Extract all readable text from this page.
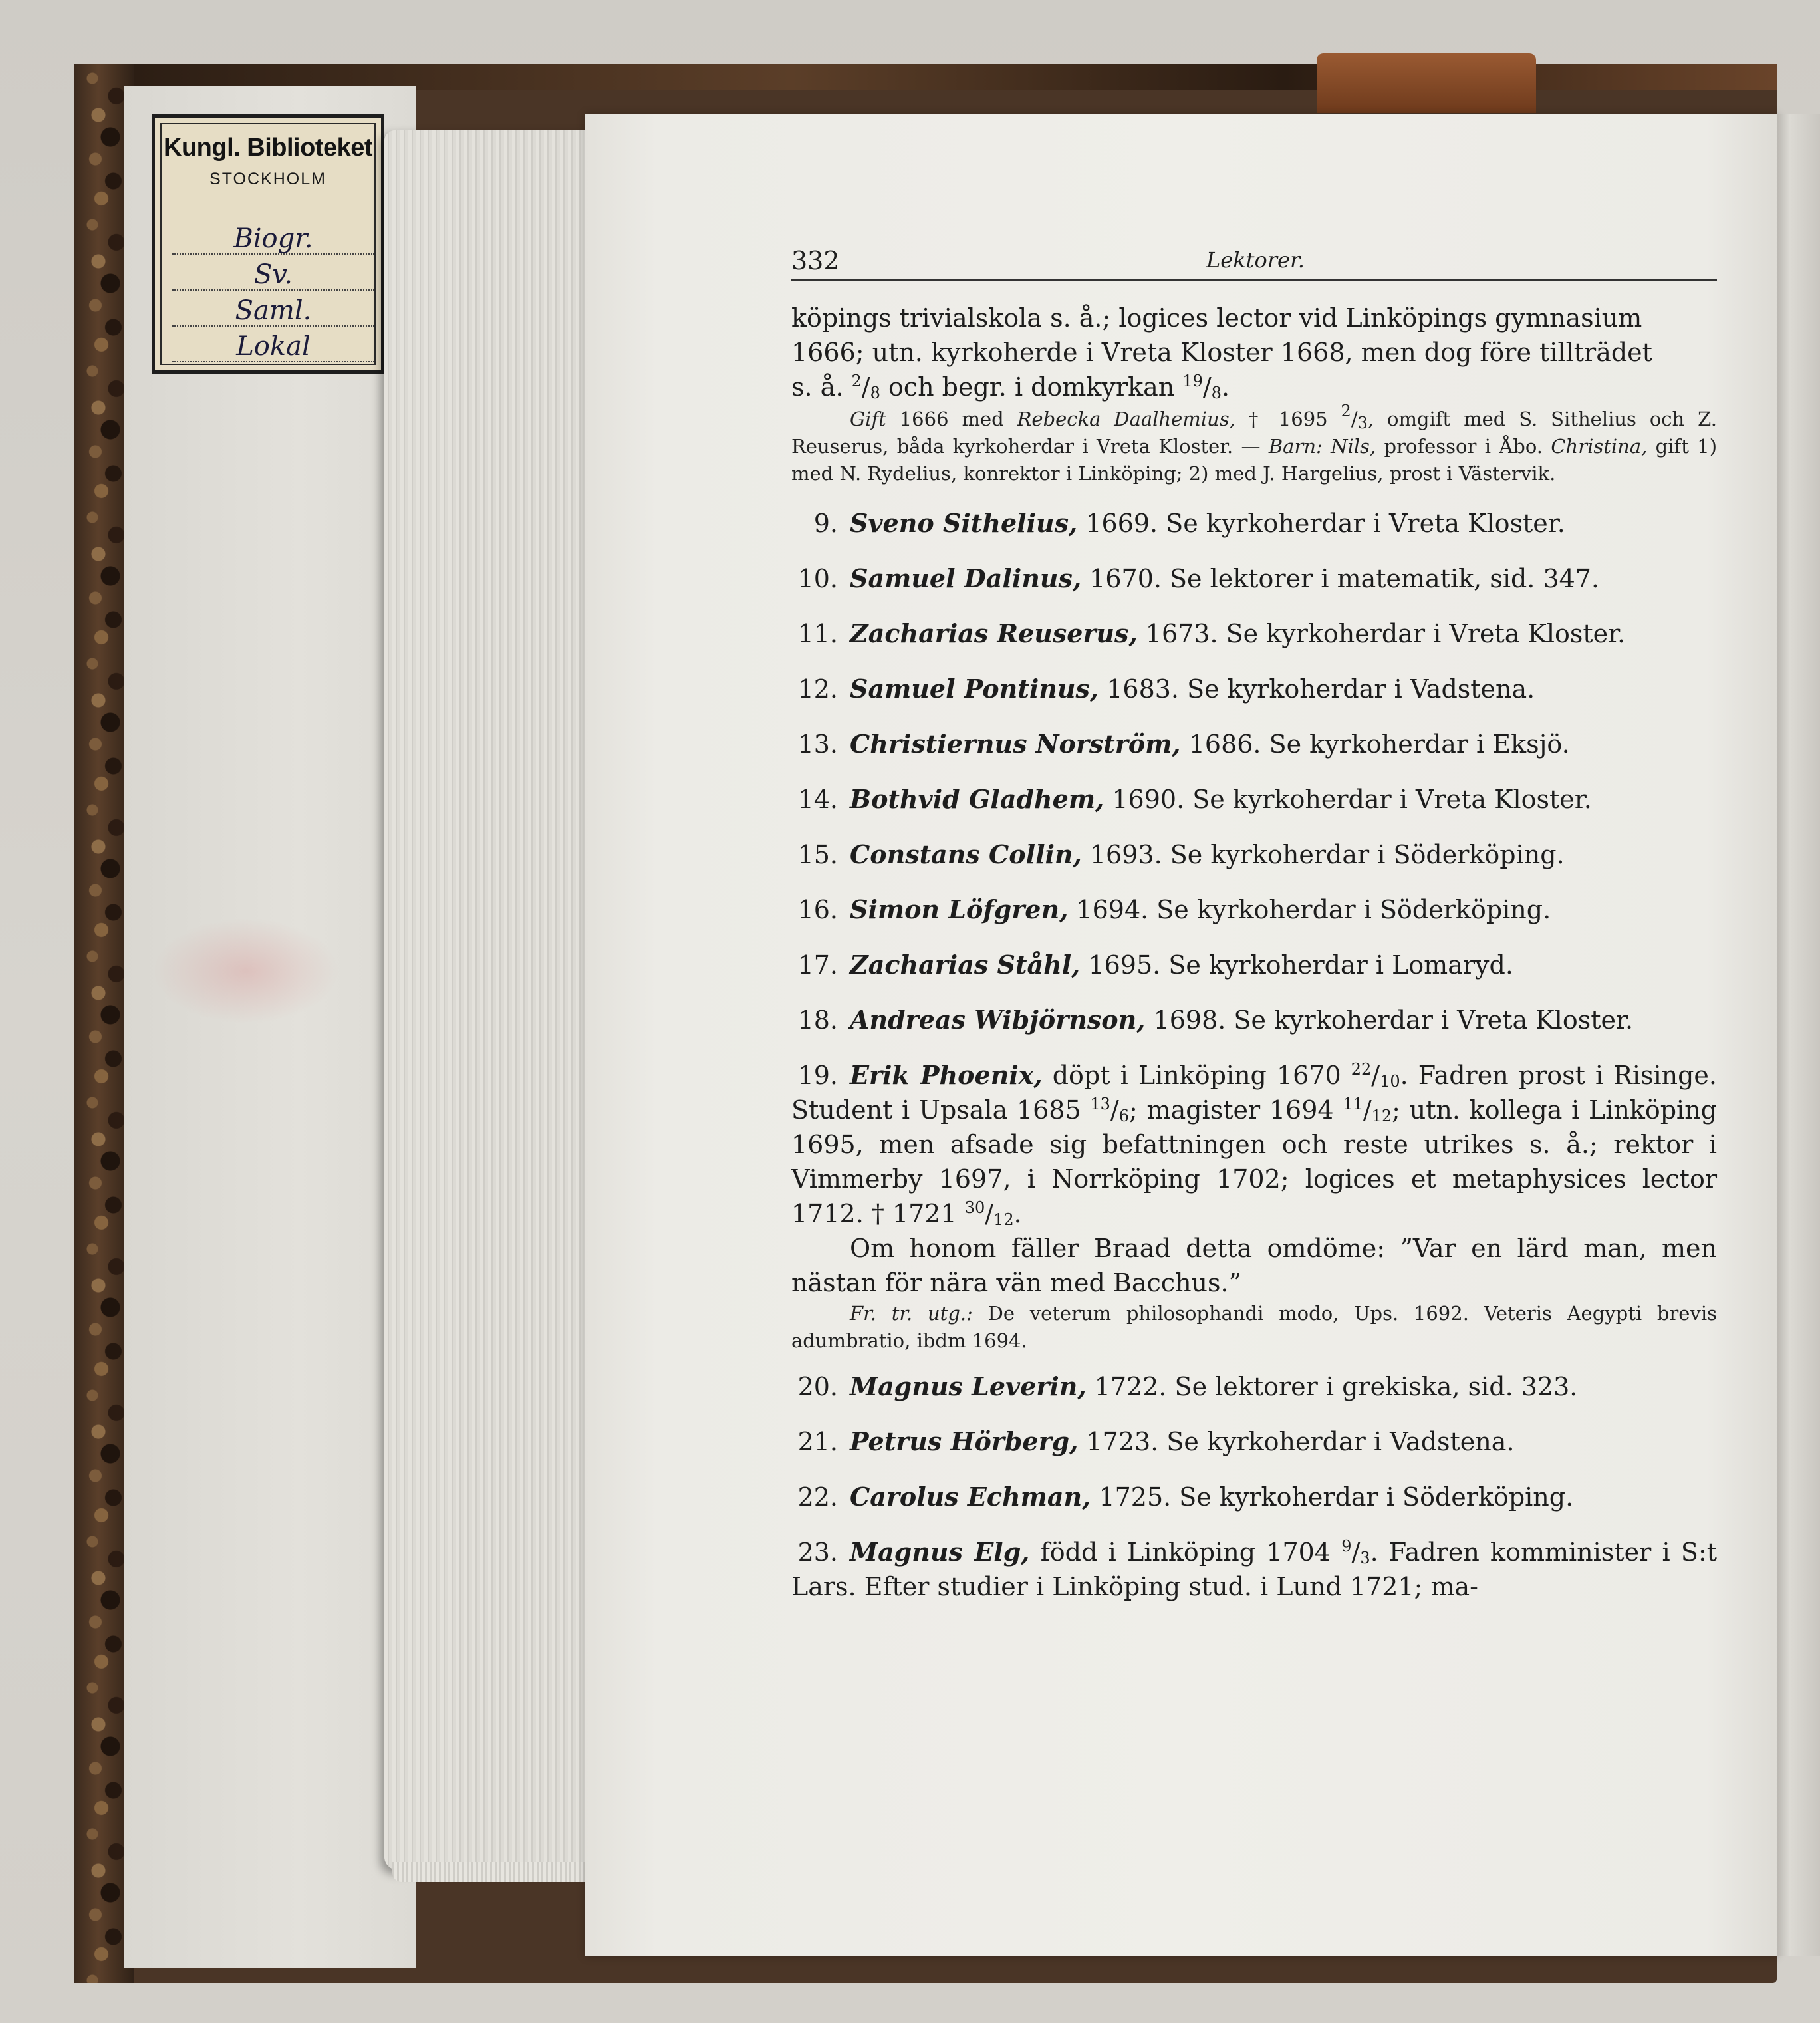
Kungl. Biblioteket
STOCKHOLM
Biogr.
Sv.
Saml.
Lokal
332	Lektorer.

köpings trivialskola s. å.; logices lector vid Linköpings gymnasium

1666; utn. kyrkoherde i Vreta Kloster 1668, men dog före tillträdet

s. å. $^2/_8$ och begr. i domkyrkan $^{19}/_8$.

Gift 1666 med Rebecka Daalhemius, † 1695 $^2/_3$, omgift med S. Sithelius och Z. Reuserus, båda kyrkoherdar i Vreta Kloster. — Barn: Nils, professor i Åbo. Christina, gift 1) med N. Rydelius, konrektor i Linköping; 2) med J. Hargelius, prost i Västervik.

9. Sveno Sithelius, 1669. Se kyrkoherdar i Vreta Kloster.

10. Samuel Dalinus, 1670. Se lektorer i matematik, sid. 347.

11. Zacharias Reuserus, 1673. Se kyrkoherdar i Vreta Kloster.

12. Samuel Pontinus, 1683. Se kyrkoherdar i Vadstena.

13. Christiernus Norström, 1686. Se kyrkoherdar i Eksjö.

14. Bothvid Gladhem, 1690. Se kyrkoherdar i Vreta Kloster.

15. Constans Collin, 1693. Se kyrkoherdar i Söderköping.

16. Simon Löfgren, 1694. Se kyrkoherdar i Söderköping.

17. Zacharias Ståhl, 1695. Se kyrkoherdar i Lomaryd.

18. Andreas Wibjörnson, 1698. Se kyrkoherdar i Vreta Kloster.

19. Erik Phoenix, döpt i Linköping 1670 $^{22}/_{10}$. Fadren prost i Risinge. Student i Upsala 1685 $^{13}/_6$; magister 1694 $^{11}/_{12}$; utn. kollega i Linköping 1695, men afsade sig befattningen och reste utrikes s. å.; rektor i Vimmerby 1697, i Norrköping 1702; logices et metaphysices lector 1712. † 1721 $^{30}/_{12}$.

Om honom fäller Braad detta omdöme: ”Var en lärd man, men nästan för nära vän med Bacchus.”

Fr. tr. utg.: De veterum philosophandi modo, Ups. 1692. Veteris Aegypti brevis adumbratio, ibdm 1694.

20. Magnus Leverin, 1722. Se lektorer i grekiska, sid. 323.

21. Petrus Hörberg, 1723. Se kyrkoherdar i Vadstena.

22. Carolus Echman, 1725. Se kyrkoherdar i Söderköping.

23. Magnus Elg, född i Linköping 1704 $^9/_3$. Fadren komminister i S:t Lars. Efter studier i Linköping stud. i Lund 1721; ma-
